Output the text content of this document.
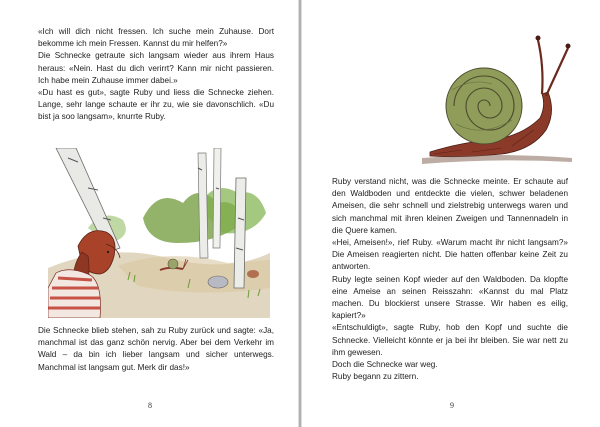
«Ich will dich nicht fressen. Ich suche mein Zuhause. Dort bekomme ich mein Fressen. Kannst du mir helfen?»

Die Schnecke getraute sich langsam wieder aus ihrem Haus heraus: «Nein. Hast du dich verirrt? Kann mir nicht passieren. Ich habe mein Zuhause immer dabei.»

«Du hast es gut», sagte Ruby und liess die Schnecke ziehen. Lange, sehr lange schaute er ihr zu, wie sie davonschlich. «Du bist ja soo langsam», knurrte Ruby.

Die Schnecke blieb stehen, sah zu Ruby zurück und sagte: «Ja, manchmal ist das ganz schön nervig. Aber bei dem Verkehr im Wald – da bin ich lieber langsam und sicher unterwegs. Manchmal ist langsam gut. Merk dir das!»

8

Ruby verstand nicht, was die Schnecke meinte. Er schaute auf den Waldboden und entdeckte die vielen, schwer beladenen Ameisen, die sehr schnell und zielstrebig unterwegs waren und sich manchmal mit ihren kleinen Zweigen und Tannennadeln in die Quere kamen.

«Hei, Ameisen!», rief Ruby. «Warum macht ihr nicht langsam?» Die Ameisen reagierten nicht. Die hatten offenbar keine Zeit zu antworten.

Ruby legte seinen Kopf wieder auf den Waldboden. Da klopfte eine Ameise an seinen Reisszahn: «Kannst du mal Platz machen. Du blockierst unsere Strasse. Wir haben es eilig, kapiert?»

«Entschuldigt», sagte Ruby, hob den Kopf und suchte die Schnecke. Vielleicht könnte er ja bei ihr bleiben. Sie war nett zu ihm gewesen.

Doch die Schnecke war weg.

Ruby begann zu zittern.

9
